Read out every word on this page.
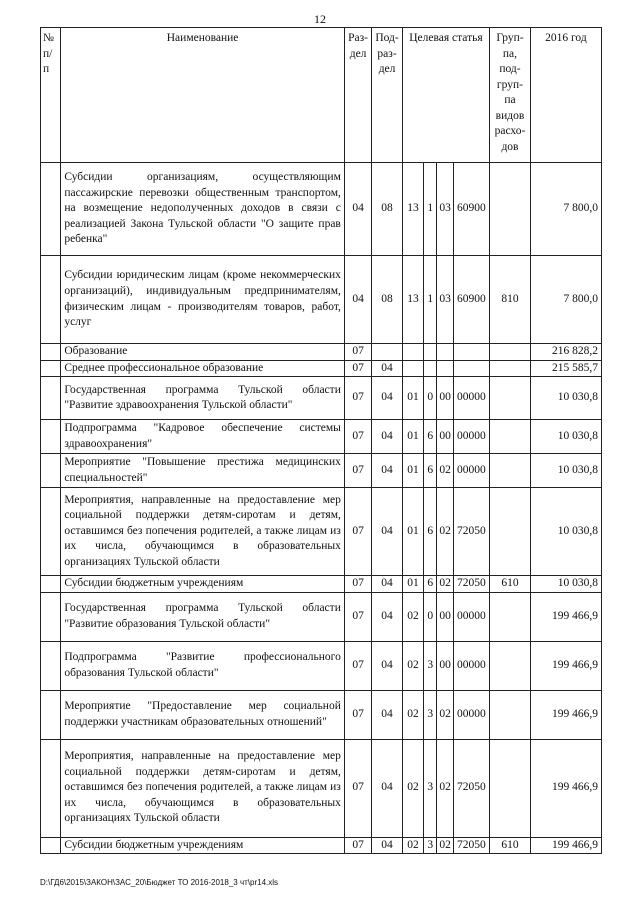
12
№ п/п	Наименование	Раз-дел	Под-раз-дел	Целевая статья				Груп-па, под-груп-па видов расхо-дов	2016 год
	Субсидии организациям, осуществляющим пассажирские перевозки общественным транспортом, на возмещение недополученных доходов в связи с реализацией Закона Тульской области "О защите прав ребенка"	04	08	13	1	03	60900		7 800,0
	Субсидии юридическим лицам (кроме некоммерческих организаций), индивидуальным предпринимателям, физическим лицам - производителям товаров, работ, услуг	04	08	13	1	03	60900	810	7 800,0
	Образование	07							216 828,2
	Среднее профессиональное образование	07	04						215 585,7
	Государственная программа Тульской области "Развитие здравоохранения Тульской области"	07	04	01	0	00	00000		10 030,8
	Подпрограмма "Кадровое обеспечение системы здравоохранения"	07	04	01	6	00	00000		10 030,8
	Мероприятие "Повышение престижа медицинских специальностей"	07	04	01	6	02	00000		10 030,8
	Мероприятия, направленные на предоставление мер социальной поддержки детям-сиротам и детям, оставшимся без попечения родителей, а также лицам из их числа, обучающимся в образовательных организациях Тульской области	07	04	01	6	02	72050		10 030,8
	Субсидии бюджетным учреждениям	07	04	01	6	02	72050	610	10 030,8
	Государственная программа Тульской области "Развитие образования Тульской области"	07	04	02	0	00	00000		199 466,9
	Подпрограмма "Развитие профессионального образования Тульской области"	07	04	02	3	00	00000		199 466,9
	Мероприятие "Предоставление мер социальной поддержки участникам образовательных отношений"	07	04	02	3	02	00000		199 466,9
	Мероприятия, направленные на предоставление мер социальной поддержки детям-сиротам и детям, оставшимся без попечения родителей, а также лицам из их числа, обучающимся в образовательных организациях Тульской области	07	04	02	3	02	72050		199 466,9
	Субсидии бюджетным учреждениям	07	04	02	3	02	72050	610	199 466,9
D:\ГД6\2015\ЗАКОН\ЗАС_20\Бюджет ТО 2016-2018_3 чт\pr14.xls
